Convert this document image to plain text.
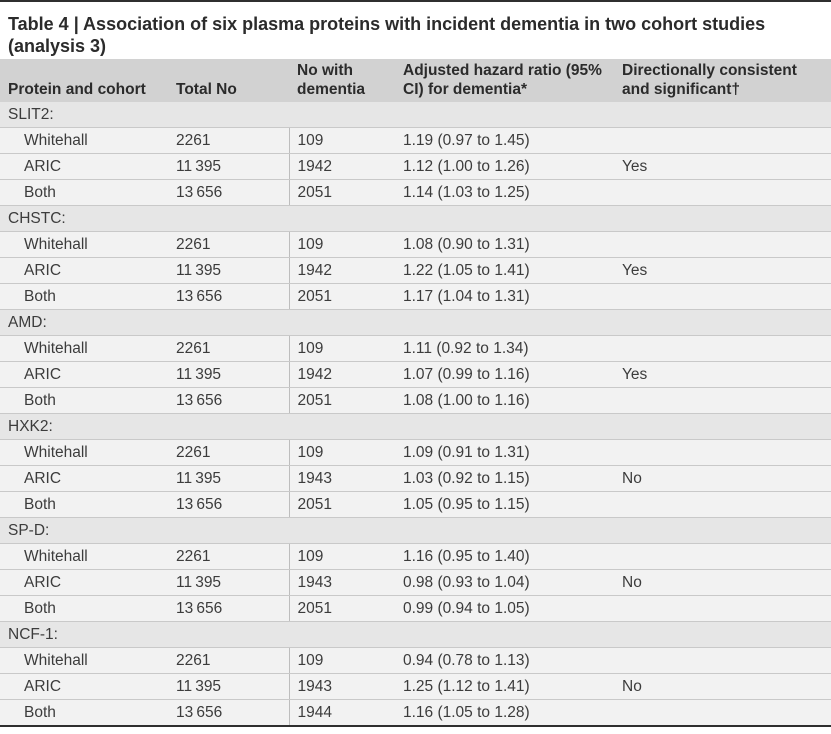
Table 4 | Association of six plasma proteins with incident dementia in two cohort studies (analysis 3)
Protein and cohort	Total No	No with dementia	Adjusted hazard ratio (95% CI) for dementia*	Directionally consistent and significant†
SLIT2:				
Whitehall	2261	109	1.19 (0.97 to 1.45)	
ARIC	11 395	1942	1.12 (1.00 to 1.26)	Yes
Both	13 656	2051	1.14 (1.03 to 1.25)	
CHSTC:				
Whitehall	2261	109	1.08 (0.90 to 1.31)	
ARIC	11 395	1942	1.22 (1.05 to 1.41)	Yes
Both	13 656	2051	1.17 (1.04 to 1.31)	
AMD:				
Whitehall	2261	109	1.11 (0.92 to 1.34)	
ARIC	11 395	1942	1.07 (0.99 to 1.16)	Yes
Both	13 656	2051	1.08 (1.00 to 1.16)	
HXK2:				
Whitehall	2261	109	1.09 (0.91 to 1.31)	
ARIC	11 395	1943	1.03 (0.92 to 1.15)	No
Both	13 656	2051	1.05 (0.95 to 1.15)	
SP-D:				
Whitehall	2261	109	1.16 (0.95 to 1.40)	
ARIC	11 395	1943	0.98 (0.93 to 1.04)	No
Both	13 656	2051	0.99 (0.94 to 1.05)	
NCF-1:				
Whitehall	2261	109	0.94 (0.78 to 1.13)	
ARIC	11 395	1943	1.25 (1.12 to 1.41)	No
Both	13 656	1944	1.16 (1.05 to 1.28)	
